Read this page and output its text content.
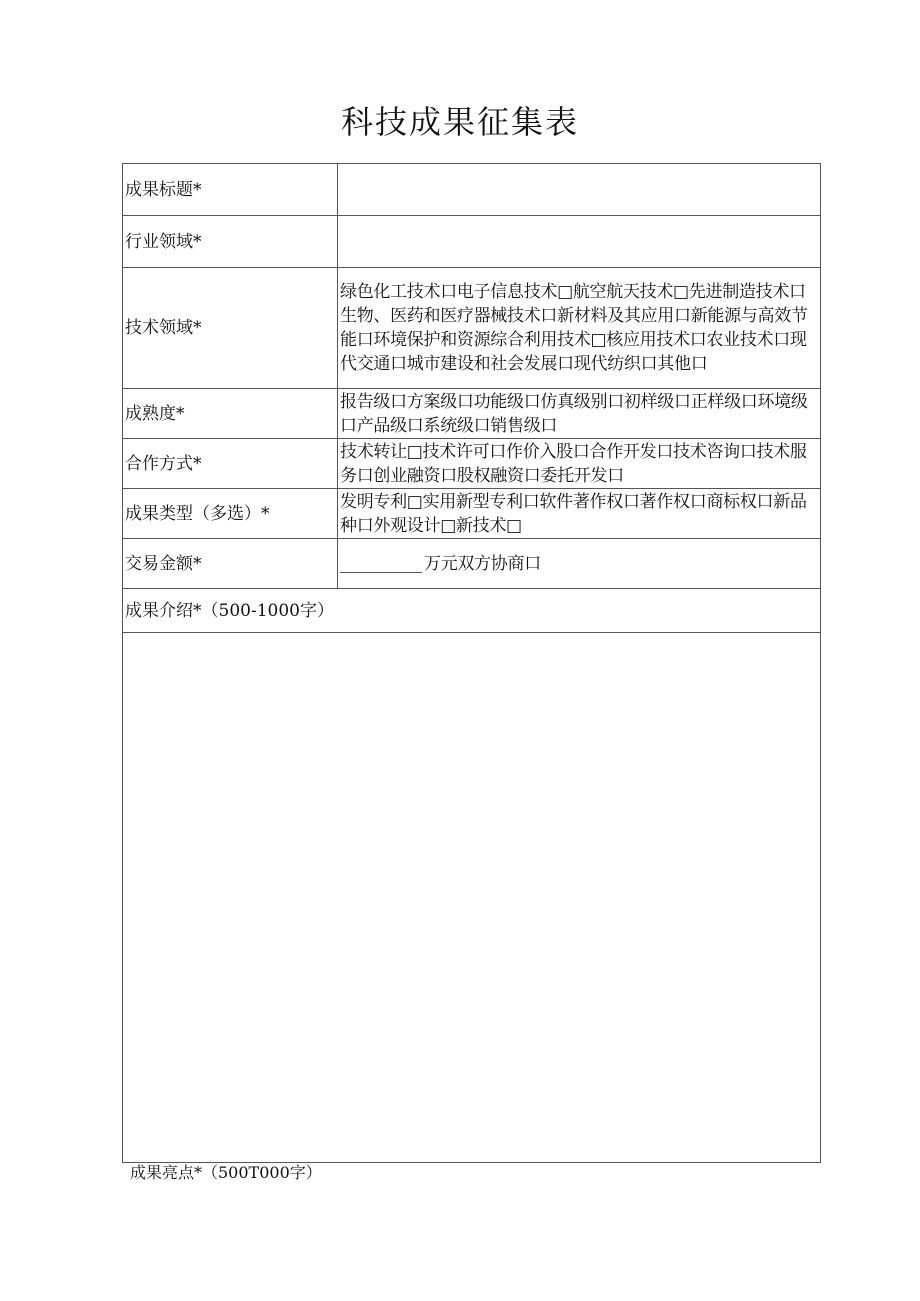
科技成果征集表
成果标题*	
行业领域*	
技术领域*	绿色化工技术口电子信息技术□航空航天技术□先进制造技术口生物、医药和医疗器械技术口新材料及其应用口新能源与高效节能口环境保护和资源综合利用技术□核应用技术口农业技术口现代交通口城市建设和社会发展口现代纺织口其他口
成熟度*	报告级口方案级口功能级口仿真级别口初样级口正样级口环境级口产品级口系统级口销售级口
合作方式*	技术转让□技术许可口作价入股口合作开发口技术咨询口技术服务口创业融资口股权融资口委托开发口
成果类型（多选）*	发明专利□实用新型专利口软件著作权口著作权口商标权口新品种口外观设计□新技术□
交易金额*	万元双方协商口
成果介绍*（500-1000字）	

成果亮点*（500T000字）
